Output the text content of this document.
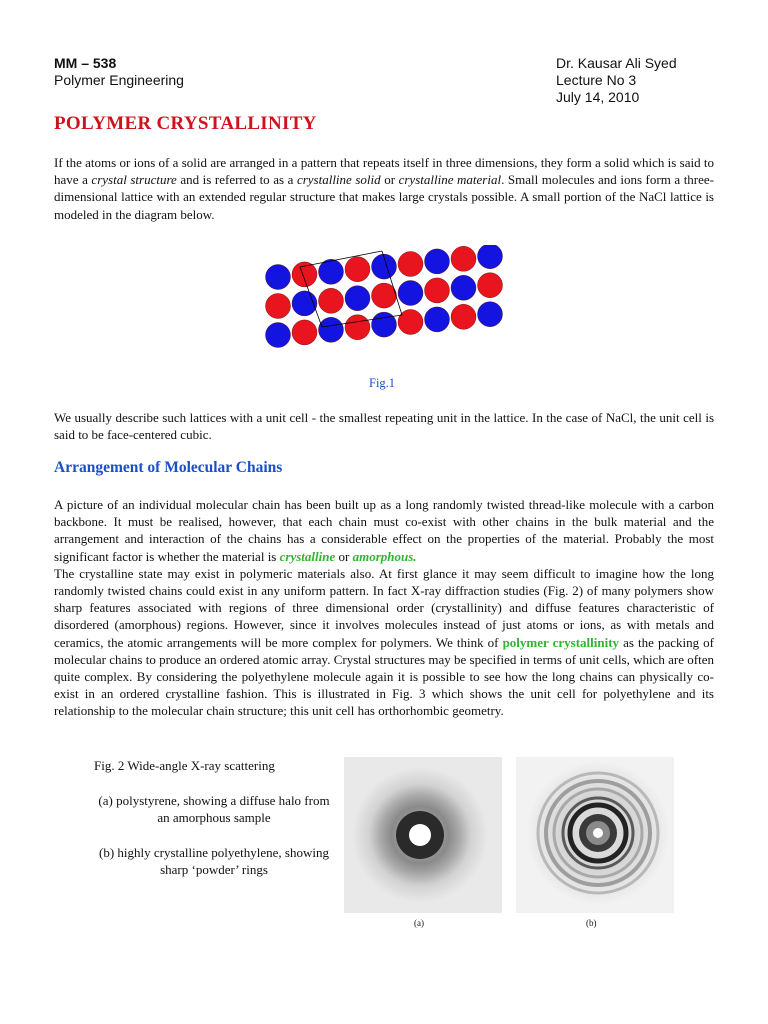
MM – 538
Polymer Engineering
Dr. Kausar Ali Syed
Lecture No 3
July 14, 2010
POLYMER CRYSTALLINITY

If the atoms or ions of a solid are arranged in a pattern that repeats itself in three dimensions, they form a solid which is said to have a crystal structure and is referred to as a crystalline solid or crystalline material. Small molecules and ions form a three-dimensional lattice with an extended regular structure that makes large crystals possible. A small portion of the NaCl lattice is modeled in the diagram below.

Fig.1

We usually describe such lattices with a unit cell - the smallest repeating unit in the lattice. In the case of NaCl, the unit cell is said to be face-centered cubic.

Arrangement of Molecular Chains

A picture of an individual molecular chain has been built up as a long randomly twisted thread-like molecule with a carbon backbone. It must be realised, however, that each chain must co-exist with other chains in the bulk material and the arrangement and interaction of the chains has a considerable effect on the properties of the material. Probably the most significant factor is whether the material is crystalline or amorphous.
The crystalline state may exist in polymeric materials also. At first glance it may seem difficult to imagine how the long randomly twisted chains could exist in any uniform pattern. In fact X-ray diffraction studies (Fig. 2) of many polymers show sharp features associated with regions of three dimensional order (crystallinity) and diffuse features characteristic of disordered (amorphous) regions. However, since it involves molecules instead of just atoms or ions, as with metals and ceramics, the atomic arrangements will be more complex for polymers. We think of polymer crystallinity as the packing of molecular chains to produce an ordered atomic array. Crystal structures may be specified in terms of unit cells, which are often quite complex. By considering the polyethylene molecule again it is possible to see how the long chains can physically co-exist in an ordered crystalline fashion. This is illustrated in Fig. 3 which shows the unit cell for polyethylene and its relationship to the molecular chain structure; this unit cell has orthorhombic geometry.

Fig. 2 Wide-angle X-ray scattering
(a) polystyrene, showing a diffuse halo from an amorphous sample
(b) highly crystalline polyethylene, showing sharp ‘powder’ rings
(a)	(b)
